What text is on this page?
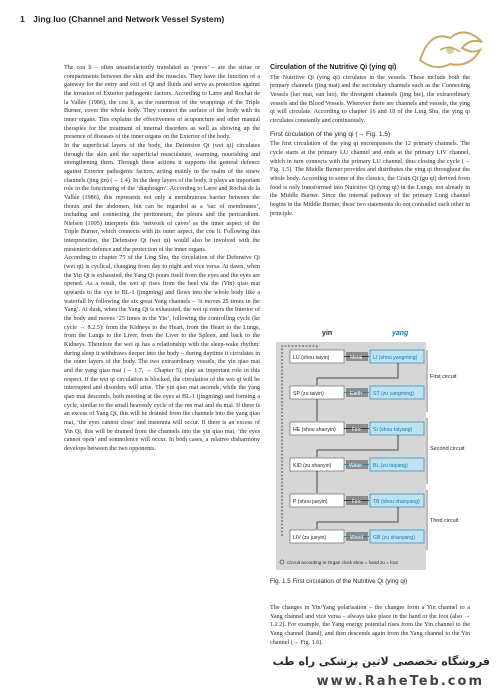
1 Jing luo (Channel and Network Vessel System)

The cou li – often unsatisfactorily translated as ‘pores’ – are the striae or compartments between the skin and the muscles. They have the function of a gateway for the entry and exit of Qi and fluids and serve as protection against the invasion of Exterior pathogenic factors. According to Larre and Rochat de la Vallée (1986), the cou li, as the outermost of the wrappings of the Triple Burner, cover the whole body. They connect the surface of the body with its inner organs. This explains the effectiveness of acupuncture and other manual therapies for the treatment of internal disorders as well as showing up the presence of diseases of the inner organs on the Exterior of the body.

In the superficial layers of the body, the Defensive Qi (wei qi) circulates through the skin and the superficial musculature, warming, nourishing and strengthening them. Through these actions it supports the general defence against Exterior pathogenic factors, acting mainly in the realm of the sinew channels (jing jin) (→ 1.4). In the deep layers of the body, it plays an important role in the functioning of the ‘diaphragm’. According to Larre and Rochat de la Vallée (1986), this represents not only a membranous barrier between the thorax and the abdomen, but can be regarded as a ‘sac of membranes’, including and connecting the peritoneum, the pleura and the pericardium. Nielsen (1995) interprets this ‘network of caves’ as the inner aspect of the Triple Burner, which connects with its outer aspect, the cou li. Following this interpretation, the Defensive Qi (wei qi) would also be involved with the mesenteric defence and the protection of the inner organs.

According to chapter 75 of the Ling Shu, the circulation of the Defensive Qi (wei qi) is cyclical, changing from day to night and vice versa. At dawn, when the Yin Qi is exhausted, the Yang Qi pours itself from the eyes and the eyes are opened. As a result, the wei qi rises from the heel via the (Yin) qiao mai upwards to the eye to BL-1 (jingming) and flows into the whole body like a waterfall by following the six great Yang channels – ‘it moves 25 times in the Yang’. At dusk, when the Yang Qi is exhausted, the wei qi enters the Interior of the body and moves ‘25 times in the Yin’, following the controlling cycle (ke cycle → 8.2.5): from the Kidneys to the Heart, from the Heart to the Lungs, from the Lungs to the Liver, from the Liver to the Spleen, and back to the Kidneys. Therefore the wei qi has a relationship with the sleep-wake rhythm: during sleep it withdraws deeper into the body – during daytime it circulates in the outer layers of the body. The two extraordinary vessels, the yin qiao mai and the yang qiao mai (→ 1.7, → Chapter 5), play an important role in this respect. If the wei qi circulation is blocked, the circulation of the wei qi will be interrupted and disorders will arise. The yin qiao mai ascends, while the yang qiao mai descends, both meeting at the eyes at BL-1 (jingming) and forming a cycle, similar to the small heavenly cycle of the ren mai and du mai. If there is an excess of Yang Qi, this will be drained from the channels into the yang qiao mai, ‘the eyes cannot close’ and insomnia will occur. If there is an excess of Yin Qi, this will be drained from the channels into the yin qiao mai, ‘the eyes cannot open’ and somnolence will occur. In both cases, a relative disharmony develops between the two opponents.

Circulation of the Nutritive Qi (ying qi)

The Nutritive Qi (ying qi) circulates in the vessels. These include both the primary channels (jing mai) and the secondary channels such as the Connecting Vessels (luo mai, sun luo), the divergent channels (jing bie), the extraordinary vessels and the Blood Vessels. Wherever there are channels and vessels, the ying qi will circulate. According to chapter 16 and 18 of the Ling Shu, the ying qi circulates constantly and continuously.

First circulation of the ying qi (→ Fig. 1.5)

The first circulation of the ying qi encompasses the 12 primary channels. The cycle starts at the primary LU channel and ends at the primary LIV channel, which in turn connects with the primary LU channel, thus closing the cycle (→ Fig. 1.5). The Middle Burner provides and distributes the ying qi throughout the whole body. According to some of the classics, the Grain Qi (gu qi) derived from food is only transformed into Nutritive Qi (ying qi) in the Lungs, not already in the Middle Burner. Since the internal pathway of the primary Lung channel begins in the Middle Burner, these two statements do not contradict each other in principle.

yin	yang
LU (shou taiyin)	LI (shou yangming)
SP (zu taiyin)	ST (zu yangming)
HE (shou shaoyin)	SI (shou taiyang)
KID (zu shaoyin)	BL (zu taiyang)
P (shou jueyin)	TB (shou shaoyang)
LIV (zu jueyin)	GB (zu shaoyang)
First circuit
Second circuit
Third circuit
Circuit according to Organ clock shou = hand zu = foot
Metal
Earth
Fire
Water
Fire
Wood
Fig. 1.5 First circulation of the Nutritive Qi (ying qi)
The changes in Yin/Yang polarisation – the changes from a Yin channel to a Yang channel and vice versa – always take place in the hand or the foot (also → 1.2.2). For example, the Yang energy potential rises from the Yin channel to the Yang channel (hand), and then descends again from the Yang channel to the Yin channel (→ Fig. 1.6).
فروشگاه تخصصی لاتین پزشکی راه طب
www.RaheTeb.com
